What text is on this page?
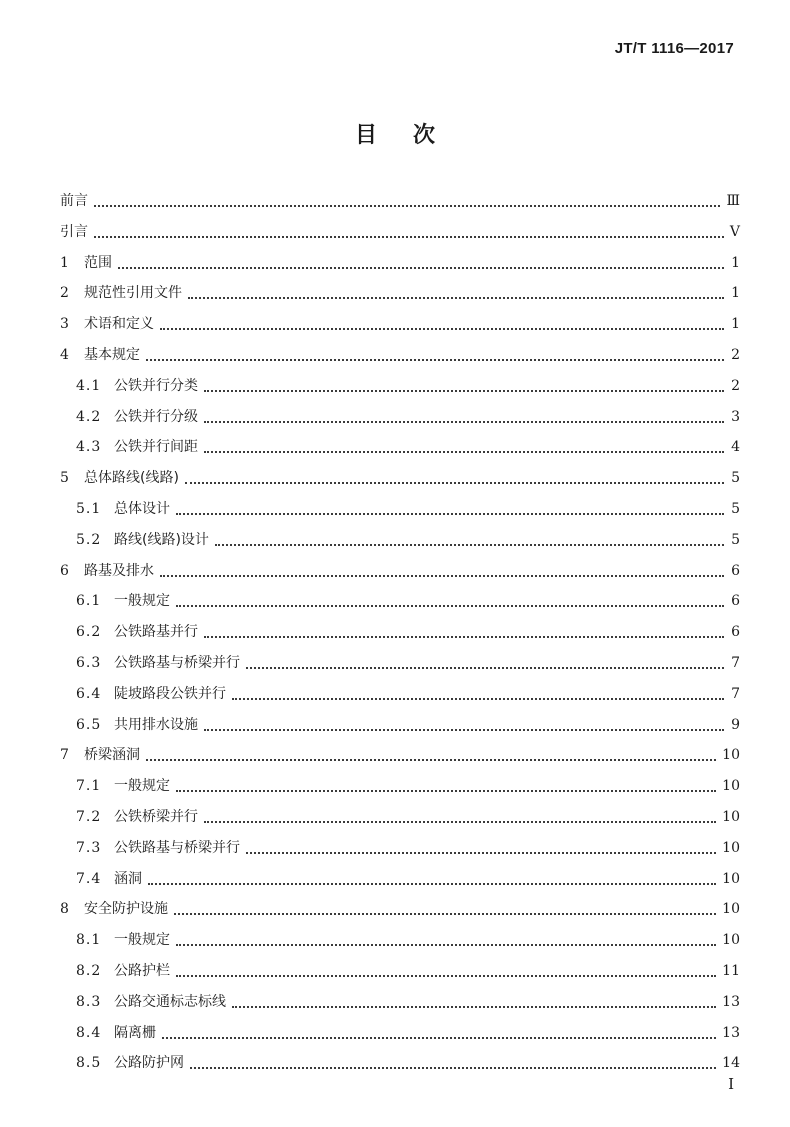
JT/T 1116—2017
目 次
前言	Ⅲ
引言	Ⅴ
1	范围	1
2	规范性引用文件	1
3	术语和定义	1
4	基本规定	2
4.1 公铁并行分类	2
4.2 公铁并行分级	3
4.3 公铁并行间距	4
5	总体路线(线路)	5
5.1 总体设计	5
5.2 路线(线路)设计	5
6	路基及排水	6
6.1 一般规定	6
6.2 公铁路基并行	6
6.3 公铁路基与桥梁并行	7
6.4 陡坡路段公铁并行	7
6.5 共用排水设施	9
7	桥梁涵洞	10
7.1 一般规定	10
7.2 公铁桥梁并行	10
7.3 公铁路基与桥梁并行	10
7.4 涵洞	10
8	安全防护设施	10
8.1 一般规定	10
8.2 公路护栏	11
8.3 公路交通标志标线	13
8.4 隔离栅	13
8.5 公路防护网	14
I
